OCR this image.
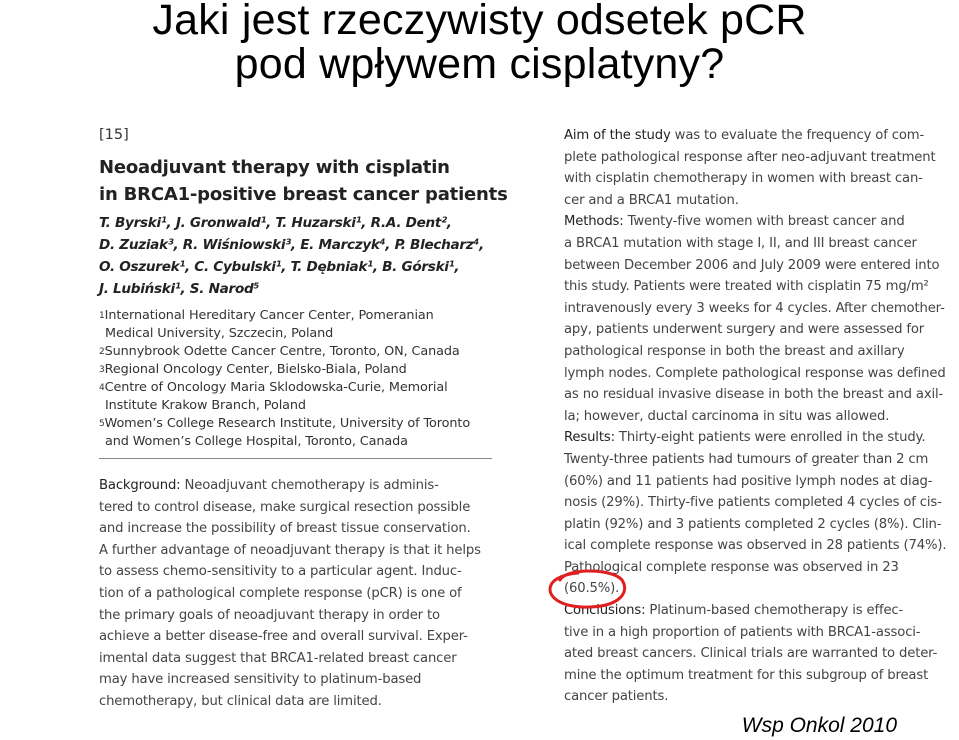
Jaki jest rzeczywisty odsetek pCR
pod wpływem cisplatyny?
[15]
Neoadjuvant therapy with cisplatin
in BRCA1-positive breast cancer patients
T. Byrski¹, J. Gronwald¹, T. Huzarski¹, R.A. Dent²,
D. Zuziak³, R. Wiśniowski³, E. Marczyk⁴, P. Blecharz⁴,
O. Oszurek¹, C. Cybulski¹, T. Dębniak¹, B. Górski¹,
J. Lubiński¹, S. Narod⁵
$^1$International Hereditary Cancer Center, Pomeranian
Medical University, Szczecin, Poland
$^2$Sunnybrook Odette Cancer Centre, Toronto, ON, Canada
$^3$Regional Oncology Center, Bielsko-Biala, Poland
$^4$Centre of Oncology Maria Sklodowska-Curie, Memorial
Institute Krakow Branch, Poland
$^5$Women’s College Research Institute, University of Toronto
and Women’s College Hospital, Toronto, Canada
Background: Neoadjuvant chemotherapy is adminis-
tered to control disease, make surgical resection possible
and increase the possibility of breast tissue conservation.
A further advantage of neoadjuvant therapy is that it helps
to assess chemo-sensitivity to a particular agent. Induc-
tion of a pathological complete response (pCR) is one of
the primary goals of neoadjuvant therapy in order to
achieve a better disease-free and overall survival. Exper-
imental data suggest that BRCA1-related breast cancer
may have increased sensitivity to platinum-based
chemotherapy, but clinical data are limited.
Aim of the study was to evaluate the frequency of com-
plete pathological response after neo-adjuvant treatment
with cisplatin chemotherapy in women with breast can-
cer and a BRCA1 mutation.
Methods: Twenty-five women with breast cancer and
a BRCA1 mutation with stage I, II, and III breast cancer
between December 2006 and July 2009 were entered into
this study. Patients were treated with cisplatin 75 mg/m²
intravenously every 3 weeks for 4 cycles. After chemother-
apy, patients underwent surgery and were assessed for
pathological response in both the breast and axillary
lymph nodes. Complete pathological response was defined
as no residual invasive disease in both the breast and axil-
la; however, ductal carcinoma in situ was allowed.
Results: Thirty-eight patients were enrolled in the study.
Twenty-three patients had tumours of greater than 2 cm
(60%) and 11 patients had positive lymph nodes at diag-
nosis (29%). Thirty-five patients completed 4 cycles of cis-
platin (92%) and 3 patients completed 2 cycles (8%). Clin-
ical complete response was observed in 28 patients (74%).
Pathological complete response was observed in 23
(60.5%).
Conclusions: Platinum-based chemotherapy is effec-
tive in a high proportion of patients with BRCA1-associ-
ated breast cancers. Clinical trials are warranted to deter-
mine the optimum treatment for this subgroup of breast
cancer patients.
Wsp Onkol 2010
